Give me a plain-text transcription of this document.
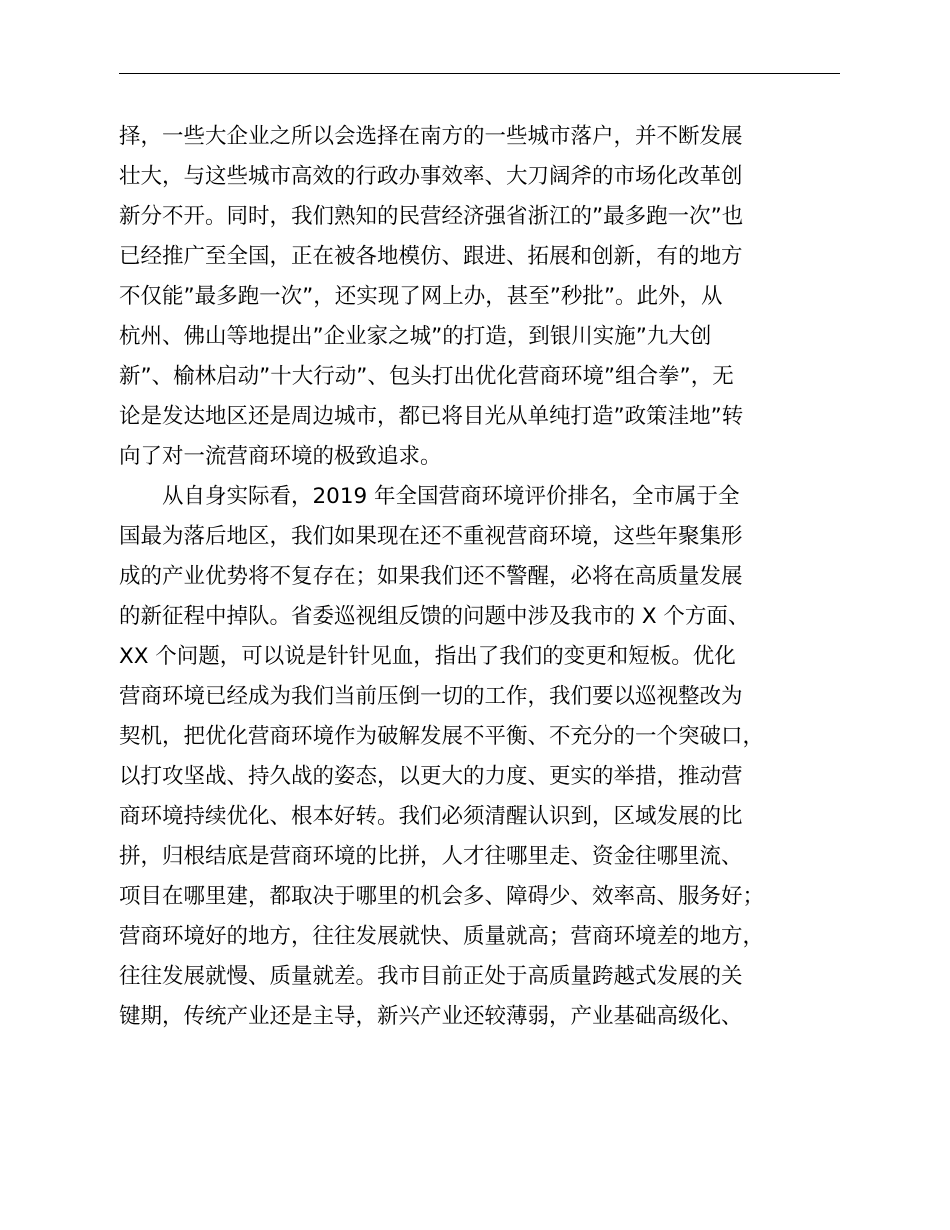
择，一些大企业之所以会选择在南方的一些城市落户，并不断发展
壮大，与这些城市高效的行政办事效率、大刀阔斧的市场化改革创
新分不开。同时，我们熟知的民营经济强省浙江的”最多跑一次”也
已经推广至全国，正在被各地模仿、跟进、拓展和创新，有的地方
不仅能”最多跑一次”，还实现了网上办，甚至”秒批”。此外，从
杭州、佛山等地提出”企业家之城”的打造，到银川实施”九大创
新”、榆林启动”十大行动”、包头打出优化营商环境”组合拳”，无
论是发达地区还是周边城市，都已将目光从单纯打造”政策洼地”转
向了对一流营商环境的极致追求。
从自身实际看，2019 年全国营商环境评价排名，全市属于全
国最为落后地区，我们如果现在还不重视营商环境，这些年聚集形
成的产业优势将不复存在；如果我们还不警醒，必将在高质量发展
的新征程中掉队。省委巡视组反馈的问题中涉及我市的 X 个方面、
XX 个问题，可以说是针针见血，指出了我们的变更和短板。优化
营商环境已经成为我们当前压倒一切的工作，我们要以巡视整改为
契机，把优化营商环境作为破解发展不平衡、不充分的一个突破口，
以打攻坚战、持久战的姿态，以更大的力度、更实的举措，推动营
商环境持续优化、根本好转。我们必须清醒认识到，区域发展的比
拼，归根结底是营商环境的比拼，人才往哪里走、资金往哪里流、
项目在哪里建，都取决于哪里的机会多、障碍少、效率高、服务好；
营商环境好的地方，往往发展就快、质量就高；营商环境差的地方，
往往发展就慢、质量就差。我市目前正处于高质量跨越式发展的关
键期，传统产业还是主导，新兴产业还较薄弱，产业基础高级化、
